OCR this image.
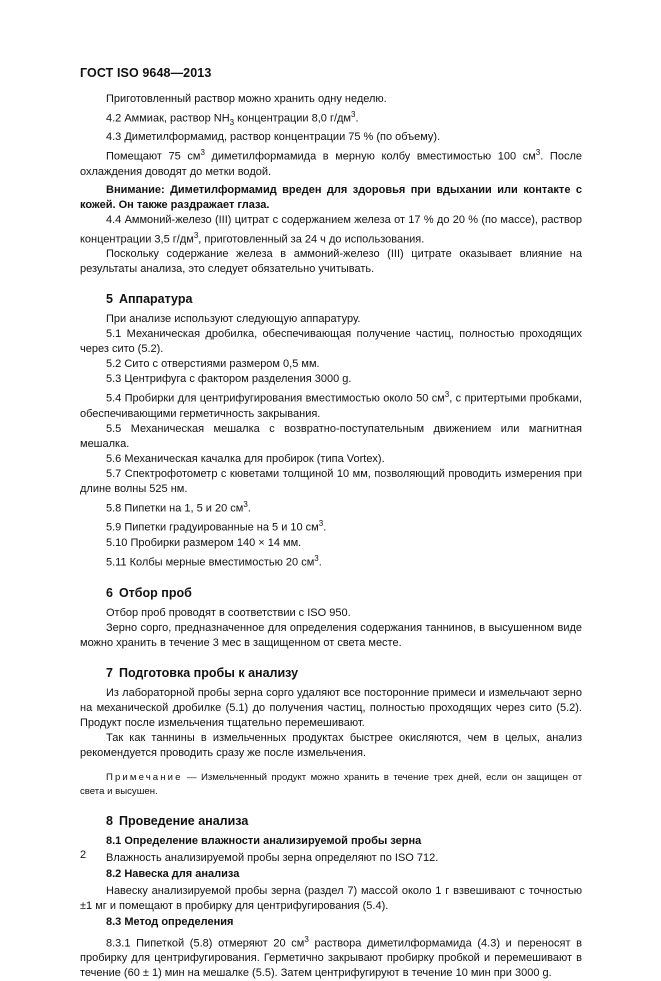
ГОСТ ISO 9648—2013

Приготовленный раствор можно хранить одну неделю.

4.2 Аммиак, раствор $NH_3$ концентрации 8,0 $г/дм^3$.

4.3 Диметилформамид, раствор концентрации 75 % (по объему).

Помещают 75 $см^3$ диметилформамида в мерную колбу вместимостью 100 $см^3$. После охлаждения доводят до метки водой.

Внимание: Диметилформамид вреден для здоровья при вдыхании или контакте с кожей. Он также раздражает глаза.

4.4 Аммоний-железо (III) цитрат с содержанием железа от 17 % до 20 % (по массе), раствор концентрации 3,5 $г/дм^3$, приготовленный за 24 ч до использования.

Поскольку содержание железа в аммоний-железо (III) цитрате оказывает влияние на результаты анализа, это следует обязательно учитывать.

5 Аппаратура

При анализе используют следующую аппаратуру.

5.1 Механическая дробилка, обеспечивающая получение частиц, полностью проходящих через сито (5.2).

5.2 Сито с отверстиями размером 0,5 мм.

5.3 Центрифуга с фактором разделения 3000 g.

5.4 Пробирки для центрифугирования вместимостью около 50 $см^3$, с притертыми пробками, обеспечивающими герметичность закрывания.

5.5 Механическая мешалка с возвратно-поступательным движением или магнитная мешалка.

5.6 Механическая качалка для пробирок (типа Vortex).

5.7 Спектрофотометр с кюветами толщиной 10 мм, позволяющий проводить измерения при длине волны 525 нм.

5.8 Пипетки на 1, 5 и 20 $см^3$.

5.9 Пипетки градуированные на 5 и 10 $см^3$.

5.10 Пробирки размером 140 × 14 мм.

5.11 Колбы мерные вместимостью 20 $см^3$.

6 Отбор проб

Отбор проб проводят в соответствии с ISO 950.

Зерно сорго, предназначенное для определения содержания таннинов, в высушенном виде можно хранить в течение 3 мес в защищенном от света месте.

7 Подготовка пробы к анализу

Из лабораторной пробы зерна сорго удаляют все посторонние примеси и измельчают зерно на механической дробилке (5.1) до получения частиц, полностью проходящих через сито (5.2). Продукт после измельчения тщательно перемешивают.

Так как таннины в измельченных продуктах быстрее окисляются, чем в целых, анализ рекомендуется проводить сразу же после измельчения.

Примечание — Измельченный продукт можно хранить в течение трех дней, если он защищен от света и высушен.

8 Проведение анализа
8.1 Определение влажности анализируемой пробы зерна

Влажность анализируемой пробы зерна определяют по ISO 712.

8.2 Навеска для анализа

Навеску анализируемой пробы зерна (раздел 7) массой около 1 г взвешивают с точностью ±1 мг и помещают в пробирку для центрифугирования (5.4).

8.3 Метод определения

8.3.1 Пипеткой (5.8) отмеряют 20 $см^3$ раствора диметилформамида (4.3) и переносят в пробирку для центрифугирования. Герметично закрывают пробирку пробкой и перемешивают в течение (60 ± 1) мин на мешалке (5.5). Затем центрифугируют в течение 10 мин при 3000 g.

2
